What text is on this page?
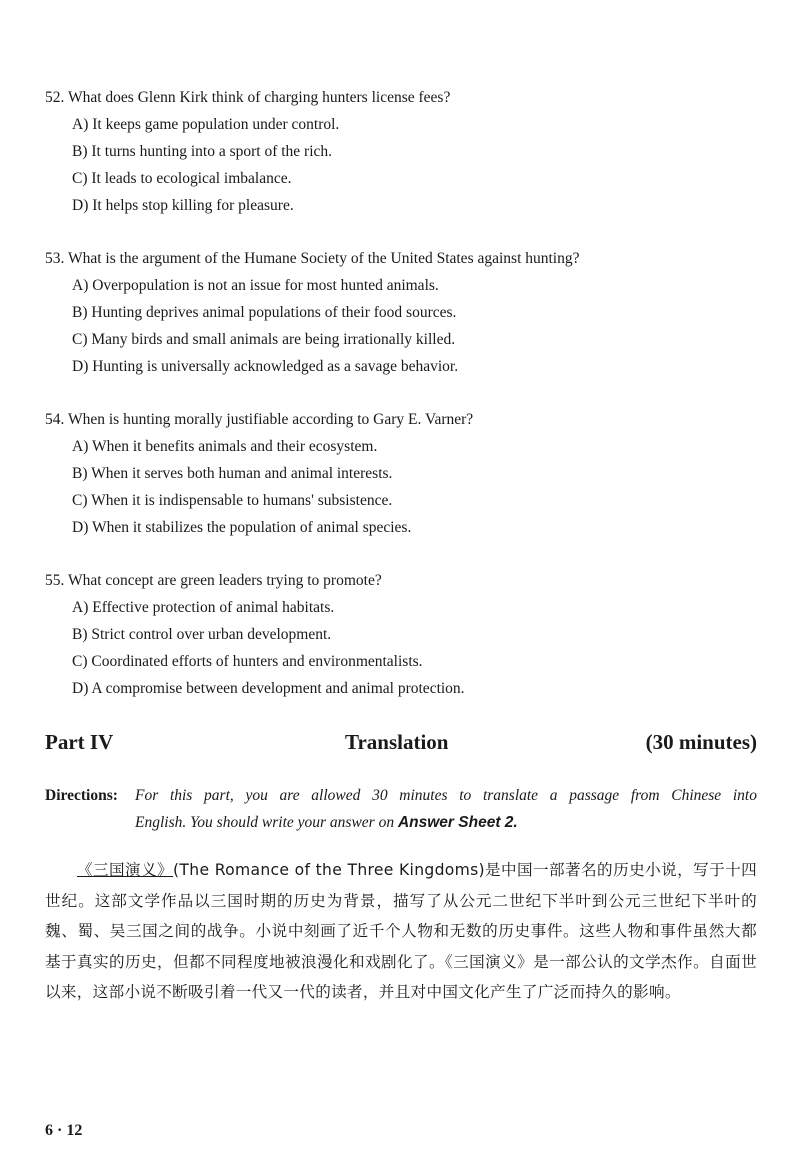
52. What does Glenn Kirk think of charging hunters license fees?

A) It keeps game population under control.

B) It turns hunting into a sport of the rich.

C) It leads to ecological imbalance.

D) It helps stop killing for pleasure.

53. What is the argument of the Humane Society of the United States against hunting?

A) Overpopulation is not an issue for most hunted animals.

B) Hunting deprives animal populations of their food sources.

C) Many birds and small animals are being irrationally killed.

D) Hunting is universally acknowledged as a savage behavior.

54. When is hunting morally justifiable according to Gary E. Varner?

A) When it benefits animals and their ecosystem.

B) When it serves both human and animal interests.

C) When it is indispensable to humans' subsistence.

D) When it stabilizes the population of animal species.

55. What concept are green leaders trying to promote?

A) Effective protection of animal habitats.

B) Strict control over urban development.

C) Coordinated efforts of hunters and environmentalists.

D) A compromise between development and animal protection.

Part IV	Translation	(30 minutes)
Directions: For this part, you are allowed 30 minutes to translate a passage from Chinese into
English. You should write your answer on Answer Sheet 2.

《三国演义》(The Romance of the Three Kingdoms)是中国一部著名的历史小说，写于十四世纪。这部文学作品以三国时期的历史为背景，描写了从公元二世纪下半叶到公元三世纪下半叶的魏、蜀、吴三国之间的战争。小说中刻画了近千个人物和无数的历史事件。这些人物和事件虽然大都基于真实的历史，但都不同程度地被浪漫化和戏剧化了。《三国演义》是一部公认的文学杰作。自面世以来，这部小说不断吸引着一代又一代的读者，并且对中国文化产生了广泛而持久的影响。

6 · 12
